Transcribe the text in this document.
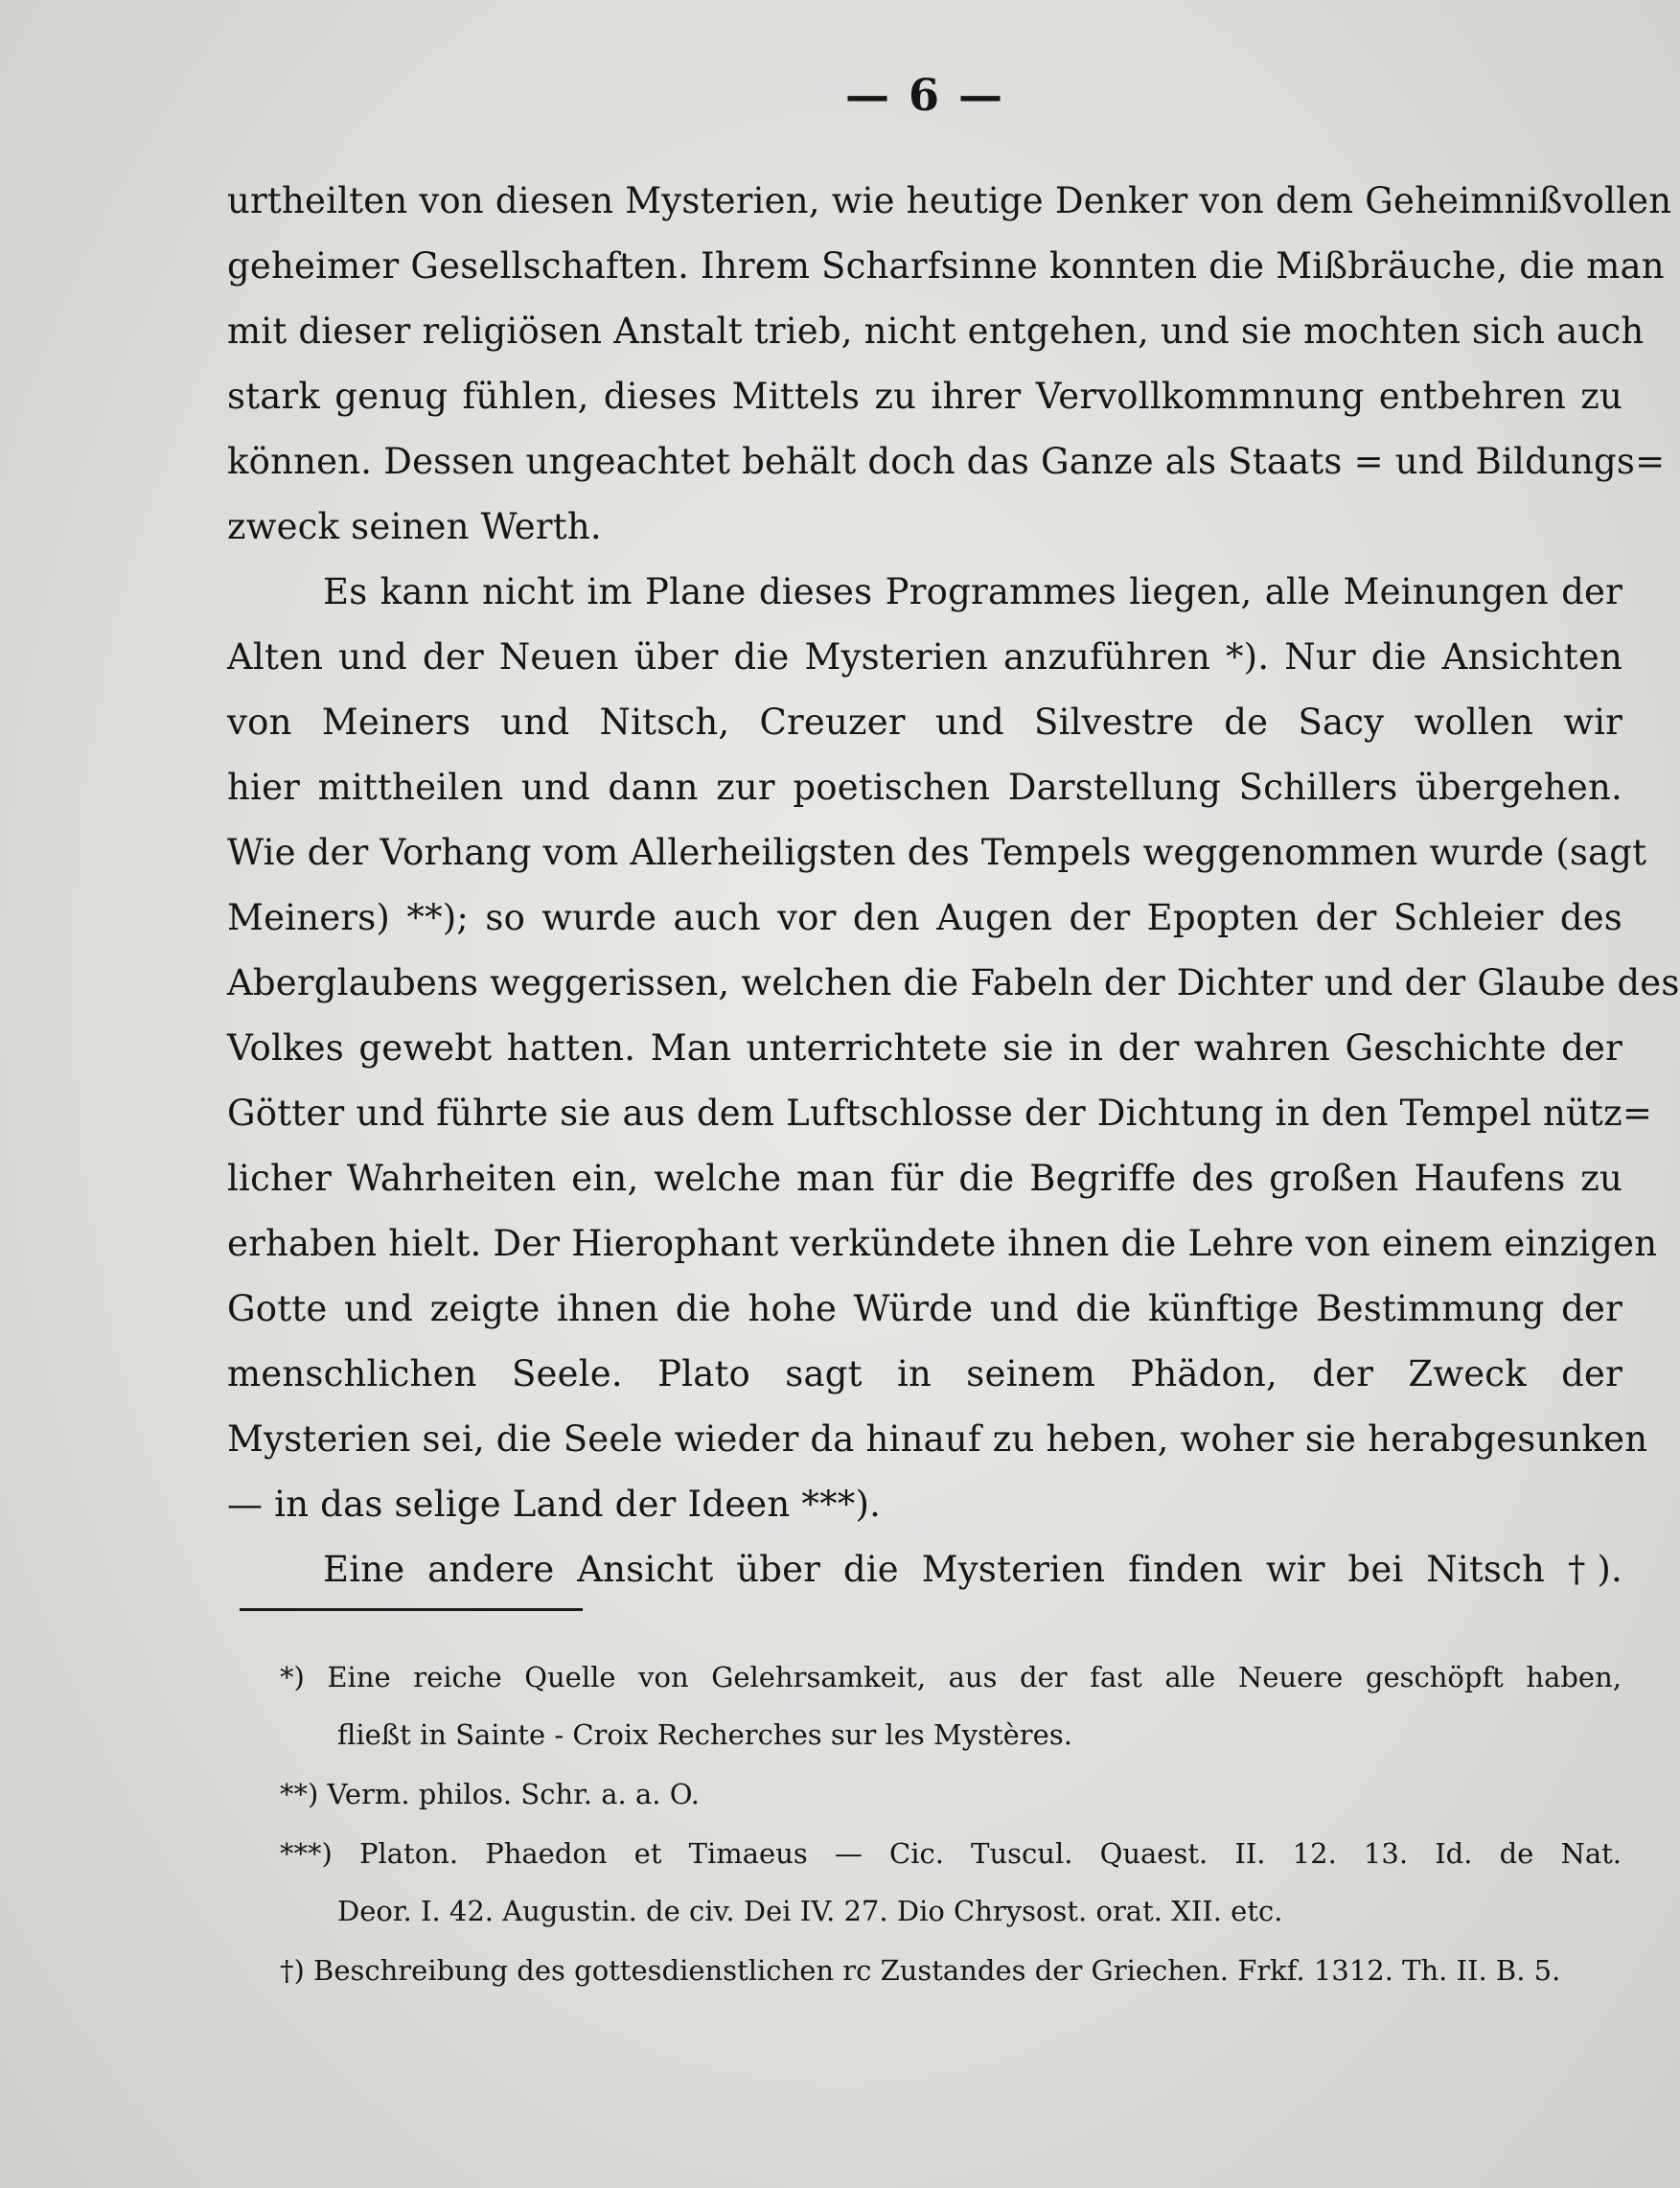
— 6 —
urtheilten von diesen Mysterien, wie heutige Denker von dem Geheimnißvollen
geheimer Gesellschaften. Ihrem Scharfsinne konnten die Mißbräuche, die man
mit dieser religiösen Anstalt trieb, nicht entgehen, und sie mochten sich auch
stark genug fühlen, dieses Mittels zu ihrer Vervollkommnung entbehren zu
können. Dessen ungeachtet behält doch das Ganze als Staats = und Bildungs=
zweck seinen Werth.
Es kann nicht im Plane dieses Programmes liegen, alle Meinungen der
Alten und der Neuen über die Mysterien anzuführen *). Nur die Ansichten
von Meiners und Nitsch, Creuzer und Silvestre de Sacy wollen wir
hier mittheilen und dann zur poetischen Darstellung Schillers übergehen.
Wie der Vorhang vom Allerheiligsten des Tempels weggenommen wurde (sagt
Meiners) **); so wurde auch vor den Augen der Epopten der Schleier des
Aberglaubens weggerissen, welchen die Fabeln der Dichter und der Glaube des
Volkes gewebt hatten. Man unterrichtete sie in der wahren Geschichte der
Götter und führte sie aus dem Luftschlosse der Dichtung in den Tempel nütz=
licher Wahrheiten ein, welche man für die Begriffe des großen Haufens zu
erhaben hielt. Der Hierophant verkündete ihnen die Lehre von einem einzigen
Gotte und zeigte ihnen die hohe Würde und die künftige Bestimmung der
menschlichen Seele. Plato sagt in seinem Phädon, der Zweck der
Mysterien sei, die Seele wieder da hinauf zu heben, woher sie herabgesunken
— in das selige Land der Ideen ***).
Eine andere Ansicht über die Mysterien finden wir bei Nitsch †).
*) Eine reiche Quelle von Gelehrsamkeit, aus der fast alle Neuere geschöpft haben,
fließt in Sainte - Croix Recherches sur les Mystères.
**) Verm. philos. Schr. a. a. O.
***) Platon. Phaedon et Timaeus — Cic. Tuscul. Quaest. II. 12. 13. Id. de Nat.
Deor. I. 42. Augustin. de civ. Dei IV. 27. Dio Chrysost. orat. XII. etc.
†) Beschreibung des gottesdienstlichen rc Zustandes der Griechen. Frkf. 1312. Th. II. B. 5.
